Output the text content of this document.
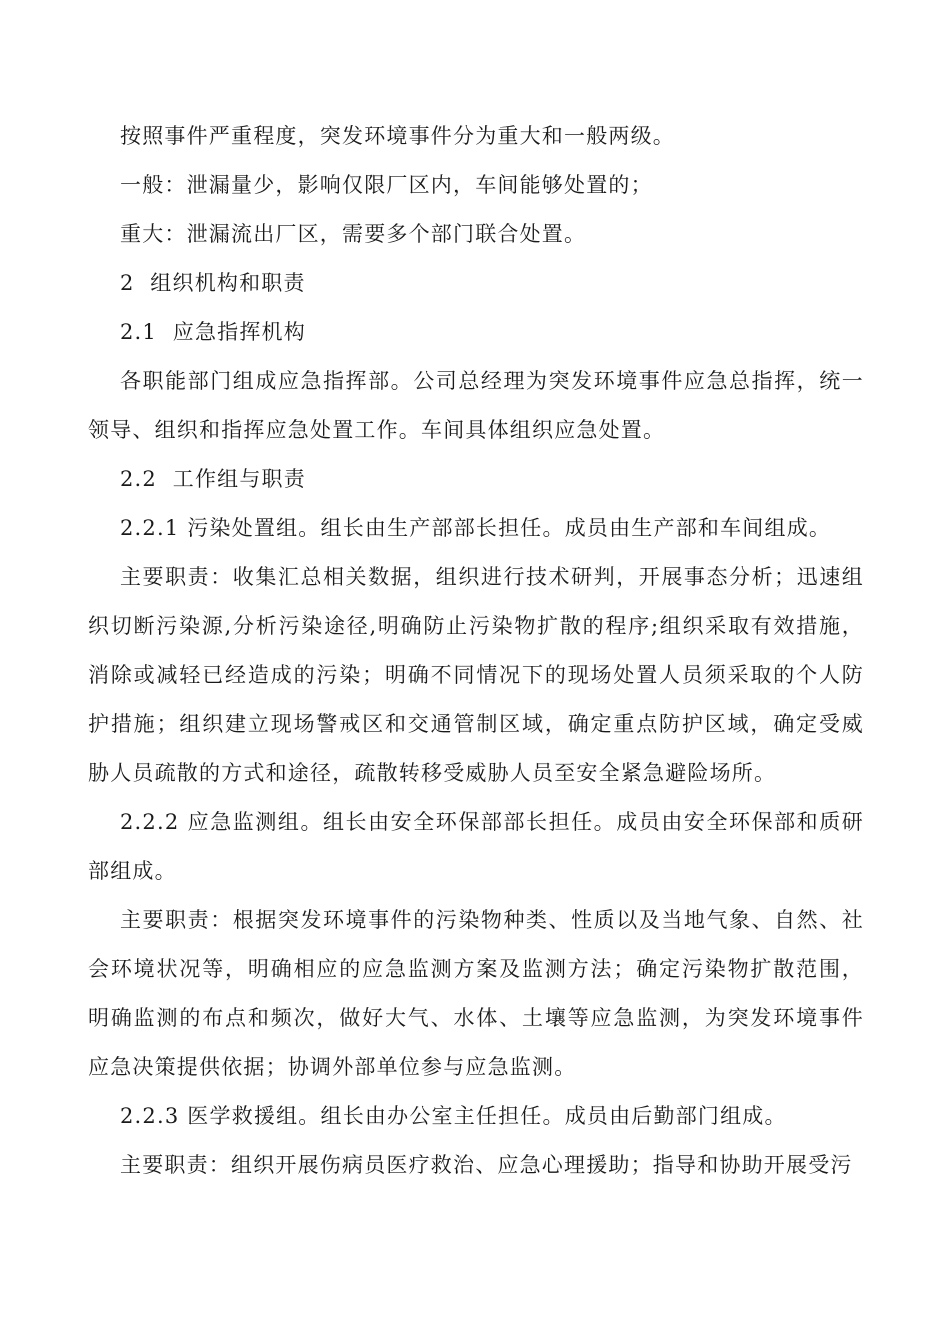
按照事件严重程度，突发环境事件分为重大和一般两级。

一般：泄漏量少，影响仅限厂区内，车间能够处置的；

重大：泄漏流出厂区，需要多个部门联合处置。

2  组织机构和职责

2.1  应急指挥机构

各职能部门组成应急指挥部。公司总经理为突发环境事件应急总指挥，统一领导、组织和指挥应急处置工作。车间具体组织应急处置。

2.2  工作组与职责

2.2.1 污染处置组。组长由生产部部长担任。成员由生产部和车间组成。

主要职责：收集汇总相关数据，组织进行技术研判，开展事态分析；迅速组织切断污染源,分析污染途径,明确防止污染物扩散的程序;组织采取有效措施，消除或减轻已经造成的污染；明确不同情况下的现场处置人员须采取的个人防护措施；组织建立现场警戒区和交通管制区域，确定重点防护区域，确定受威胁人员疏散的方式和途径，疏散转移受威胁人员至安全紧急避险场所。

2.2.2 应急监测组。组长由安全环保部部长担任。成员由安全环保部和质研部组成。

主要职责：根据突发环境事件的污染物种类、性质以及当地气象、自然、社会环境状况等，明确相应的应急监测方案及监测方法；确定污染物扩散范围，明确监测的布点和频次，做好大气、水体、土壤等应急监测，为突发环境事件应急决策提供依据；协调外部单位参与应急监测。

2.2.3 医学救援组。组长由办公室主任担任。成员由后勤部门组成。

主要职责：组织开展伤病员医疗救治、应急心理援助；指导和协助开展受污
